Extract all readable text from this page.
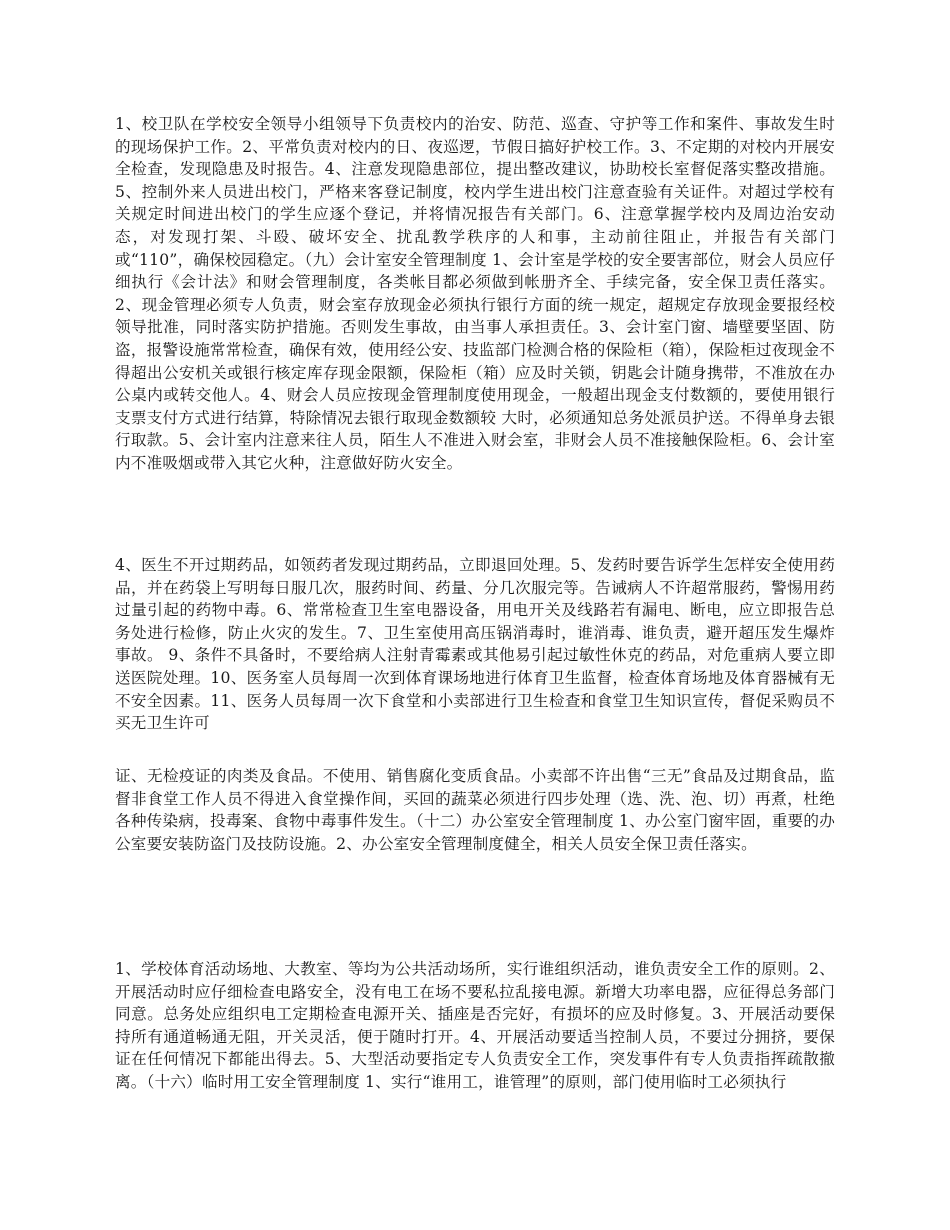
1、校卫队在学校安全领导小组领导下负责校内的治安、防范、巡查、守护等工作和案件、事故发生时的现场保护工作。2、平常负责对校内的日、夜巡逻，节假日搞好护校工作。3、不定期的对校内开展安全检查，发现隐患及时报告。4、注意发现隐患部位，提出整改建议，协助校长室督促落实整改措施。5、控制外来人员进出校门，严格来客登记制度，校内学生进出校门注意查验有关证件。对超过学校有关规定时间进出校门的学生应逐个登记，并将情况报告有关部门。6、注意掌握学校内及周边治安动态，对发现打架、斗殴、破坏安全、扰乱教学秩序的人和事，主动前往阻止，并报告有关部门或“110”，确保校园稳定。（九）会计室安全管理制度 1、会计室是学校的安全要害部位，财会人员应仔细执行《会计法》和财会管理制度，各类帐目都必须做到帐册齐全、手续完备，安全保卫责任落实。2、现金管理必须专人负责，财会室存放现金必须执行银行方面的统一规定，超规定存放现金要报经校领导批准，同时落实防护措施。否则发生事故，由当事人承担责任。3、会计室门窗、墙壁要坚固、防盗，报警设施常常检查，确保有效，使用经公安、技监部门检测合格的保险柜（箱），保险柜过夜现金不得超出公安机关或银行核定库存现金限额，保险柜（箱）应及时关锁，钥匙会计随身携带，不准放在办公桌内或转交他人。4、财会人员应按现金管理制度使用现金，一般超出现金支付数额的，要使用银行支票支付方式进行结算，特除情况去银行取现金数额较 大时，必须通知总务处派员护送。不得单身去银行取款。5、会计室内注意来往人员，陌生人不准进入财会室，非财会人员不准接触保险柜。6、会计室内不准吸烟或带入其它火种，注意做好防火安全。

4、医生不开过期药品，如领药者发现过期药品，立即退回处理。5、发药时要告诉学生怎样安全使用药品，并在药袋上写明每日服几次，服药时间、药量、分几次服完等。告诫病人不许超常服药，警惕用药过量引起的药物中毒。6、常常检查卫生室电器设备，用电开关及线路若有漏电、断电，应立即报告总务处进行检修，防止火灾的发生。7、卫生室使用高压锅消毒时，谁消毒、谁负责，避开超压发生爆炸事故。 9、条件不具备时，不要给病人注射青霉素或其他易引起过敏性休克的药品，对危重病人要立即送医院处理。10、医务室人员每周一次到体育课场地进行体育卫生监督，检查体育场地及体育器械有无不安全因素。11、医务人员每周一次下食堂和小卖部进行卫生检查和食堂卫生知识宣传，督促采购员不买无卫生许可

证、无检疫证的肉类及食品。不使用、销售腐化变质食品。小卖部不许出售“三无”食品及过期食品，监督非食堂工作人员不得进入食堂操作间，买回的蔬菜必须进行四步处理（选、洗、泡、切）再煮，杜绝各种传染病，投毒案、食物中毒事件发生。（十二）办公室安全管理制度 1、办公室门窗牢固，重要的办公室要安装防盗门及技防设施。2、办公室安全管理制度健全，相关人员安全保卫责任落实。

1、学校体育活动场地、大教室、等均为公共活动场所，实行谁组织活动，谁负责安全工作的原则。2、开展活动时应仔细检查电路安全，没有电工在场不要私拉乱接电源。新增大功率电器，应征得总务部门同意。总务处应组织电工定期检查电源开关、插座是否完好，有损坏的应及时修复。3、开展活动要保持所有通道畅通无阻，开关灵活，便于随时打开。4、开展活动要适当控制人员，不要过分拥挤，要保证在任何情况下都能出得去。5、大型活动要指定专人负责安全工作，突发事件有专人负责指挥疏散撤离。（十六）临时用工安全管理制度 1、实行“谁用工，谁管理”的原则，部门使用临时工必须执行
